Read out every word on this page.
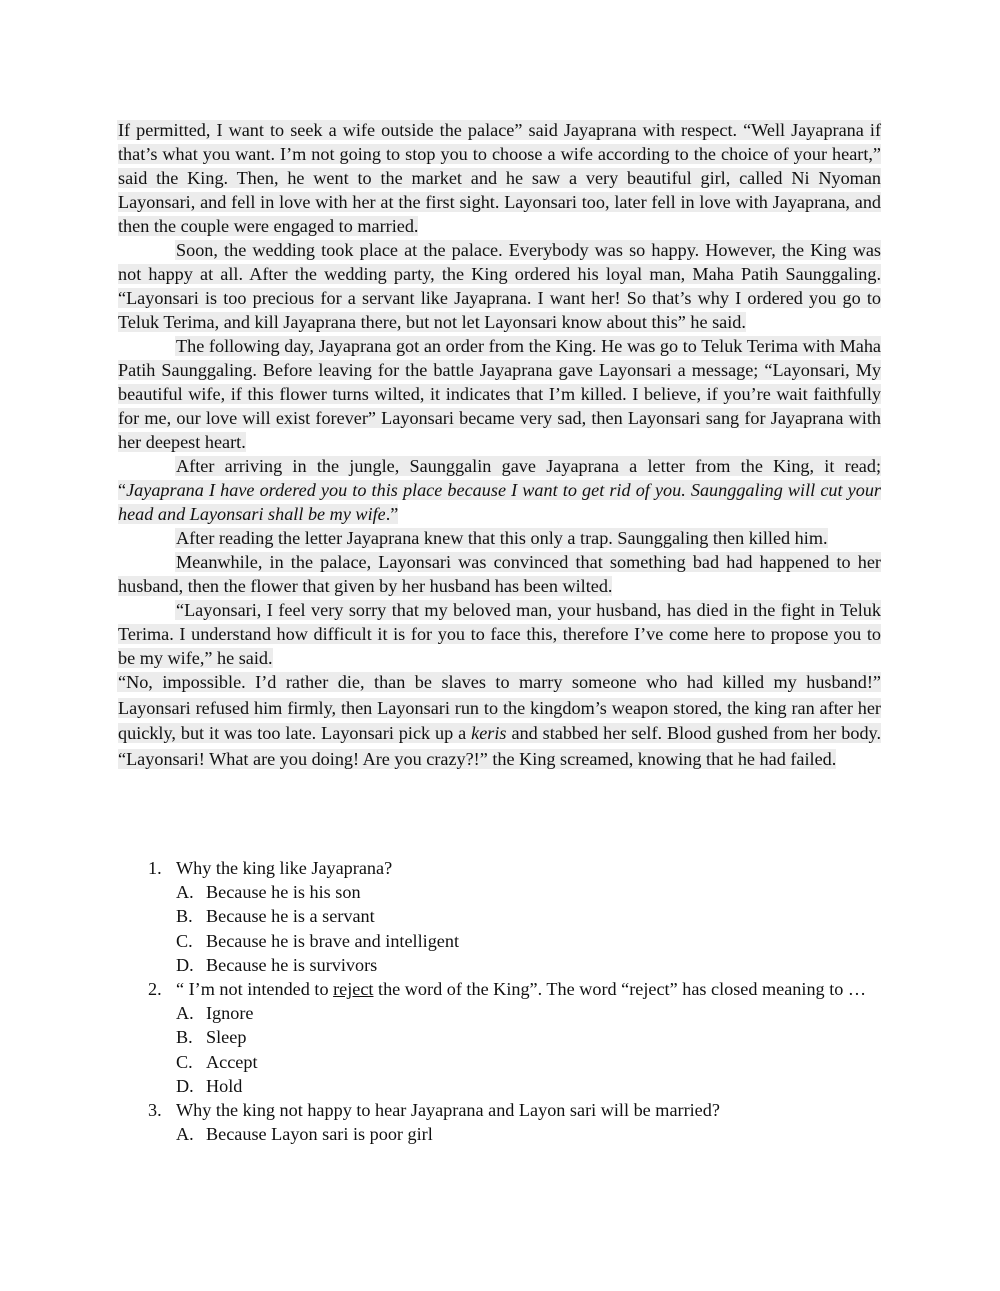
If permitted, I want to seek a wife outside the palace” said Jayaprana with respect. “Well Jayaprana if that’s what you want. I’m not going to stop you to choose a wife according to the choice of your heart,” said the King. Then, he went to the market and he saw a very beautiful girl, called Ni Nyoman Layonsari, and fell in love with her at the first sight. Layonsari too, later fell in love with Jayaprana, and then the couple were engaged to married.

Soon, the wedding took place at the palace. Everybody was so happy. However, the King was not happy at all. After the wedding party, the King ordered his loyal man, Maha Patih Saunggaling. “Layonsari is too precious for a servant like Jayaprana. I want her! So that’s why I ordered you go to Teluk Terima, and kill Jayaprana there, but not let Layonsari know about this” he said.

The following day, Jayaprana got an order from the King. He was go to Teluk Terima with Maha Patih Saunggaling. Before leaving for the battle Jayaprana gave Layonsari a message; “Layonsari, My beautiful wife, if this flower turns wilted, it indicates that I’m killed. I believe, if you’re wait faithfully for me, our love will exist forever” Layonsari became very sad, then Layonsari sang for Jayaprana with her deepest heart.

After arriving in the jungle, Saunggalin gave Jayaprana a letter from the King, it read; “Jayaprana I have ordered you to this place because I want to get rid of you. Saunggaling will cut your head and Layonsari shall be my wife.”

After reading the letter Jayaprana knew that this only a trap. Saunggaling then killed him.

Meanwhile, in the palace, Layonsari was convinced that something bad had happened to her husband, then the flower that given by her husband has been wilted.

“Layonsari, I feel very sorry that my beloved man, your husband, has died in the fight in Teluk Terima. I understand how difficult it is for you to face this, therefore I’ve come here to propose you to be my wife,” he said.

“No, impossible. I’d rather die, than be slaves to marry someone who had killed my husband!” Layonsari refused him firmly, then Layonsari run to the kingdom’s weapon stored, the king ran after her quickly, but it was too late. Layonsari pick up a keris and stabbed her self. Blood gushed from her body. “Layonsari! What are you doing! Are you crazy?!” the King screamed, knowing that he had failed.

1. Why the king like Jayaprana?
A. Because he is his son
B. Because he is a servant
C. Because he is brave and intelligent
D. Because he is survivors
2. “ I’m not intended to reject the word of the King”. The word “reject” has closed meaning to …
A. Ignore
B. Sleep
C. Accept
D. Hold
3. Why the king not happy to hear Jayaprana and Layon sari will be married?
A. Because Layon sari is poor girl
